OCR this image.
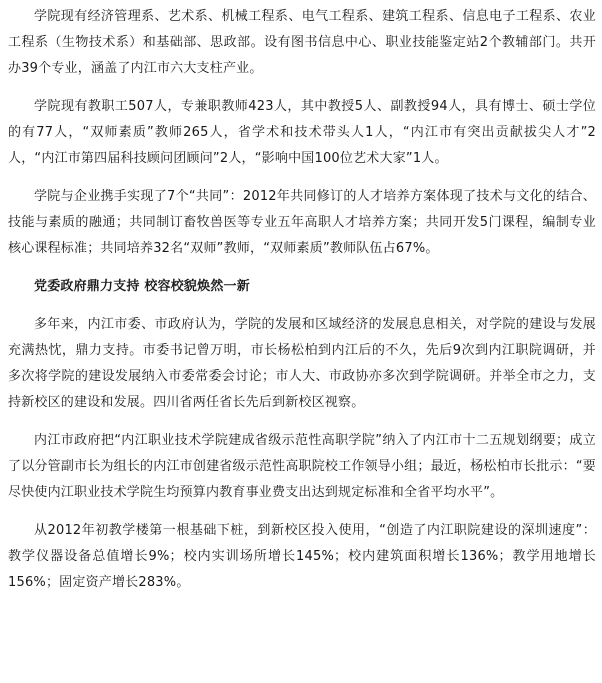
学院现有经济管理系、艺术系、机械工程系、电气工程系、建筑工程系、信息电子工程系、农业工程系（生物技术系）和基础部、思政部。设有图书信息中心、职业技能鉴定站2个教辅部门。共开办39个专业，涵盖了内江市六大支柱产业。

学院现有教职工507人，专兼职教师423人，其中教授5人、副教授94人，具有博士、硕士学位的有77人，“双师素质”教师265人，省学术和技术带头人1人，“内江市有突出贡献拔尖人才”2人，“内江市第四届科技顾问团顾问”2人，“影响中国100位艺术大家”1人。

学院与企业携手实现了7个“共同”：2012年共同修订的人才培养方案体现了技术与文化的结合、技能与素质的融通；共同制订畜牧兽医等专业五年高职人才培养方案；共同开发5门课程，编制专业核心课程标准；共同培养32名“双师”教师，“双师素质”教师队伍占67%。

党委政府鼎力支持 校容校貌焕然一新

多年来，内江市委、市政府认为，学院的发展和区域经济的发展息息相关，对学院的建设与发展充满热忱，鼎力支持。市委书记曾万明，市长杨松柏到内江后的不久，先后9次到内江职院调研，并多次将学院的建设发展纳入市委常委会讨论；市人大、市政协亦多次到学院调研。并举全市之力，支持新校区的建设和发展。四川省两任省长先后到新校区视察。

内江市政府把“内江职业技术学院建成省级示范性高职学院”纳入了内江市十二五规划纲要；成立了以分管副市长为组长的内江市创建省级示范性高职院校工作领导小组；最近，杨松柏市长批示：“要尽快使内江职业技术学院生均预算内教育事业费支出达到规定标准和全省平均水平”。

从2012年初教学楼第一根基础下桩，到新校区投入使用，“创造了内江职院建设的深圳速度”：教学仪器设备总值增长9%；校内实训场所增长145%；校内建筑面积增长136%；教学用地增长156%；固定资产增长283%。
